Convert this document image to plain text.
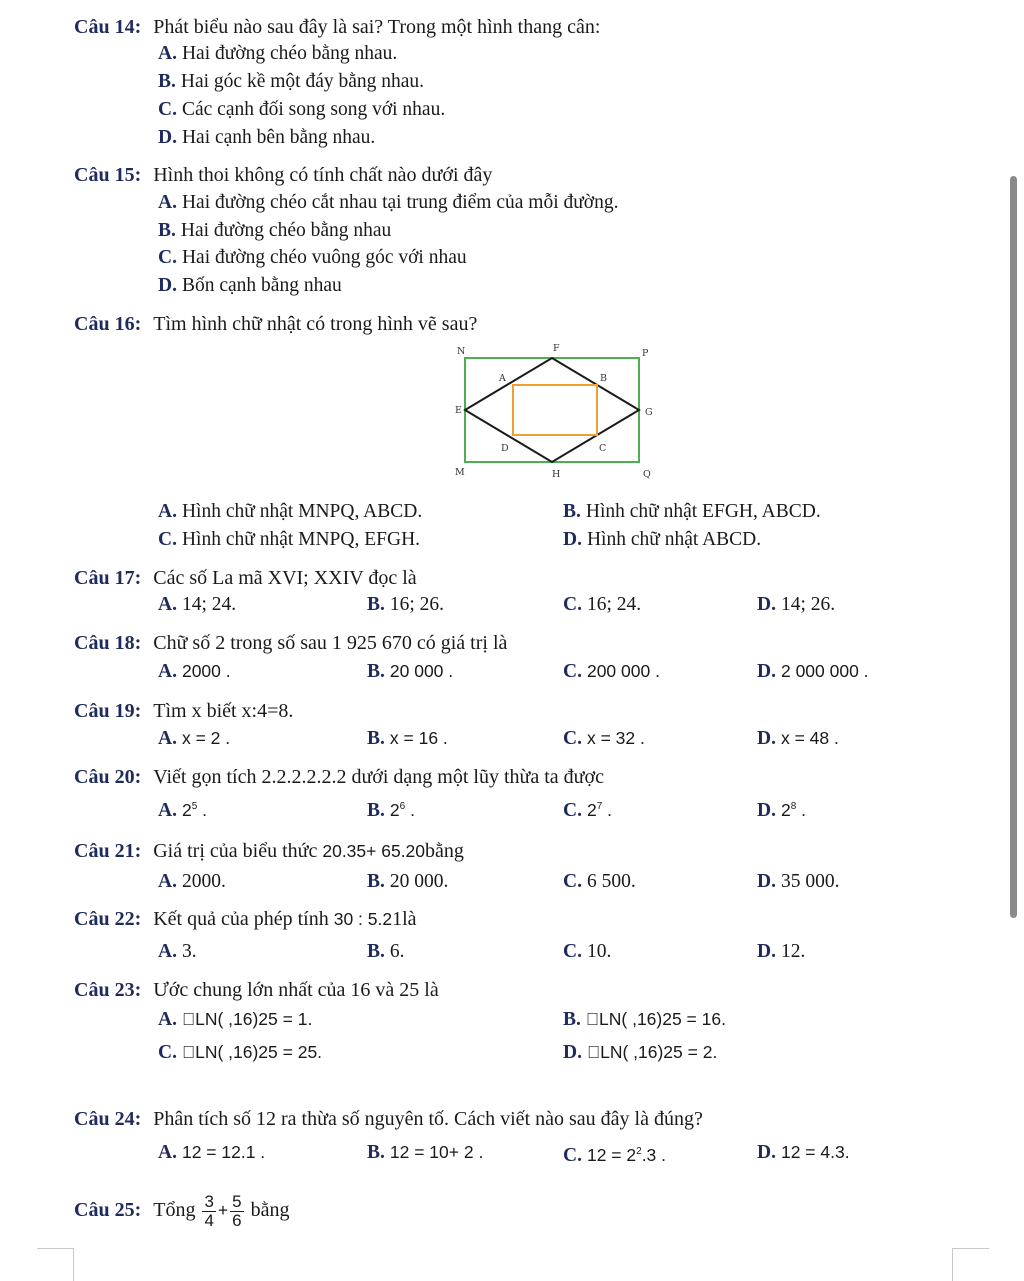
Câu 14: Phát biểu nào sau đây là sai? Trong một hình thang cân:
A. Hai đường chéo bằng nhau.
B. Hai góc kề một đáy bằng nhau.
C. Các cạnh đối song song với nhau.
D. Hai cạnh bên bằng nhau.
Câu 15: Hình thoi không có tính chất nào dưới đây
A. Hai đường chéo cắt nhau tại trung điểm của mỗi đường.
B. Hai đường chéo bằng nhau
C. Hai đường chéo vuông góc với nhau
D. Bốn cạnh bằng nhau
Câu 16: Tìm hình chữ nhật có trong hình vẽ sau?
N	F	P
A	B
E	G
D	C
M	H	Q
A. Hình chữ nhật MNPQ, ABCD.	B. Hình chữ nhật EFGH, ABCD.
C. Hình chữ nhật MNPQ, EFGH.	D. Hình chữ nhật ABCD.
Câu 17: Các số La mã XVI; XXIV đọc là
A. 14; 24.	B. 16; 26.	C. 16; 24.	D. 14; 26.
Câu 18: Chữ số 2 trong số sau 1 925 670 có giá trị là
A. 2000 .	B. 20 000 .	C. 200 000 .	D. 2 000 000 .
Câu 19: Tìm x biết x:4=8.
A. x = 2 .	B. x = 16 .	C. x = 32 .	D. x = 48 .
Câu 20: Viết gọn tích 2.2.2.2.2.2 dưới dạng một lũy thừa ta được
A. $2^5$ .	B. $2^6$ .	C. $2^7$ .	D. $2^8$ .
Câu 21: Giá trị của biểu thức 20.35+ 65.20bằng
A. 2000.	B. 20 000.	C. 6 500.	D. 35 000.
Câu 22: Kết quả của phép tính 30 : 5.21là
A. 3.	B. 6.	C. 10.	D. 12.
Câu 23: Ước chung lớn nhất của 16 và 25 là
A.  LN( ,16)25 = 1.	B.  LN( ,16)25 = 16.
C.  LN( ,16)25 = 25.	D.  LN( ,16)25 = 2.
Câu 24: Phân tích số 12 ra thừa số nguyên tố. Cách viết nào sau đây là đúng?
A. 12 = 12.1 .	B. 12 = 10+ 2 .	C. $12 = 2^2.3$ .	D. 12 = 4.3.
Câu 25: Tổng $\frac{3}{4} + \frac{5}{6}$ bằng
